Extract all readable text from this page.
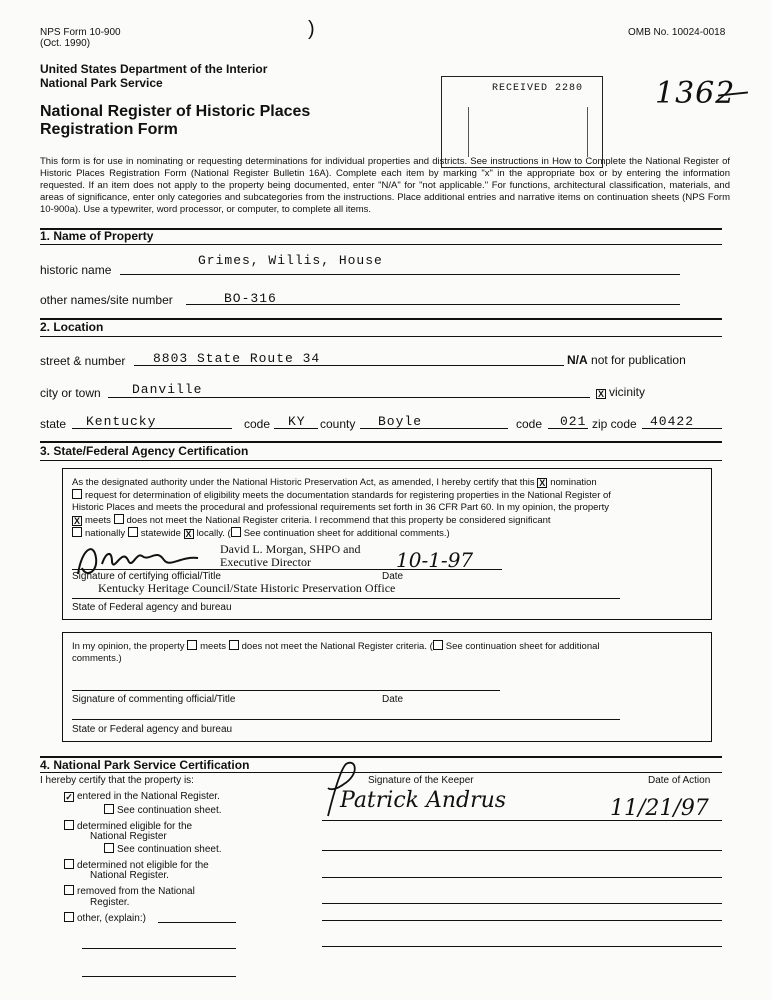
NPS Form 10-900
(Oct. 1990)
OMB No. 10024-0018
)
United States Department of the Interior
National Park Service
National Register of Historic Places
Registration Form
RECEIVED 2280 1362
This form is for use in nominating or requesting determinations for individual properties and districts. See instructions in How to Complete the National Register of Historic Places Registration Form (National Register Bulletin 16A). Complete each item by marking "x" in the appropriate box or by entering the information requested. If an item does not apply to the property being documented, enter "N/A" for "not applicable." For functions, architectural classification, materials, and areas of significance, enter only categories and subcategories from the instructions. Place additional entries and narrative items on continuation sheets (NPS Form 10-900a). Use a typewriter, word processor, or computer, to complete all items.
1. Name of Property
historic name
Grimes, Willis, House
other names/site number	BO-316
2. Location
street & number 8803 State Route 34	N/A not for publication
city or town Danville	X vicinity
state Kentucky	code KY county Boyle	code 021 zip code 40422
3. State/Federal Agency Certification

As the designated authority under the National Historic Preservation Act, as amended, I hereby certify that this X nomination

request for determination of eligibility meets the documentation standards for registering properties in the National Register of

Historic Places and meets the procedural and professional requirements set forth in 36 CFR Part 60. In my opinion, the property

X meets does not meet the National Register criteria. I recommend that this property be considered significant

nationally statewide X locally. ( See continuation sheet for additional comments.)

David L. Morgan, SHPO and
Executive Director	10-1-97
Signature of certifying official/Title	Date
Kentucky Heritage Council/State Historic Preservation Office
State of Federal agency and bureau

In my opinion, the property meets does not meet the National Register criteria. ( See continuation sheet for additional

comments.)

Signature of commenting official/Title	Date
State or Federal agency and bureau
4. National Park Service Certification
I hereby certify that the property is:	Signature of the Keeper	Date of Action
Patrick Andrus	11/21/97
✓ entered in the National Register.
See continuation sheet.
determined eligible for the
National Register
See continuation sheet.
determined not eligible for the
National Register.
removed from the National
Register.
other, (explain:)
